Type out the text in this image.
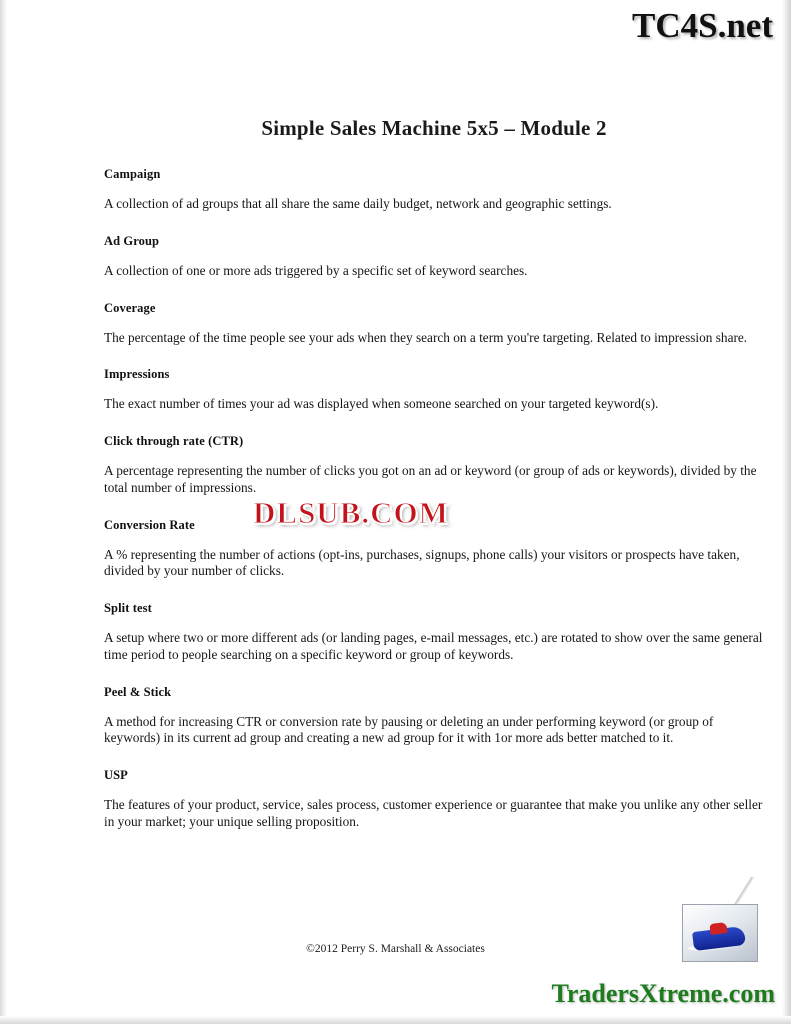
TC4S.net
Simple Sales Machine 5x5 – Module 2
Campaign

A collection of ad groups that all share the same daily budget, network and geographic settings.

Ad Group

A collection of one or more ads triggered by a specific set of keyword searches.

Coverage

The percentage of the time people see your ads when they search on a term you're targeting. Related to impression share.

Impressions

The exact number of times your ad was displayed when someone searched on your targeted keyword(s).

Click through rate (CTR)

A percentage representing the number of clicks you got on an ad or keyword (or group of ads or keywords), divided by the total number of impressions.

Conversion Rate

A % representing the number of actions (opt-ins, purchases, signups, phone calls) your visitors or prospects have taken, divided by your number of clicks.

Split test

A setup where two or more different ads (or landing pages, e-mail messages, etc.) are rotated to show over the same general time period to people searching on a specific keyword or group of keywords.

Peel & Stick

A method for increasing CTR or conversion rate by pausing or deleting an under performing keyword (or group of keywords) in its current ad group and creating a new ad group for it with 1or more ads better matched to it.

USP

The features of your product, service, sales process, customer experience or guarantee that make you unlike any other seller in your market; your unique selling proposition.

DLSUB.COM
©2012 Perry S. Marshall & Associates
TradersXtreme.com
